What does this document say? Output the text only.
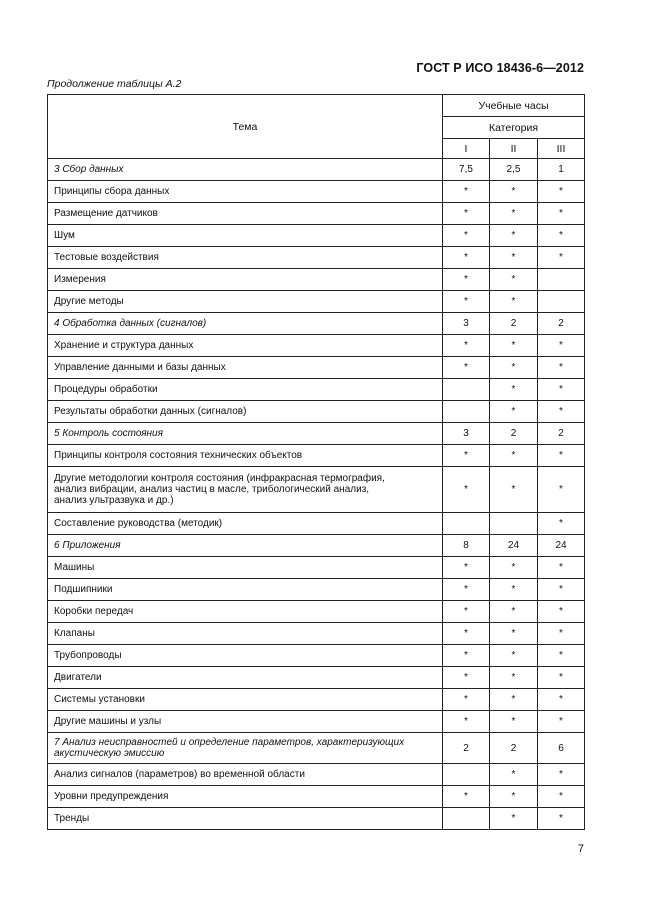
ГОСТ Р ИСО 18436-6—2012
Продолжение таблицы А.2
Тема	Учебные часы		
	Категория		
	I	II	III
3 Сбор данных	7,5	2,5	1
Принципы сбора данных	*	*	*
Размещение датчиков	*	*	*
Шум	*	*	*
Тестовые воздействия	*	*	*
Измерения	*	*	
Другие методы	*	*	
4 Обработка данных (сигналов)	3	2	2
Хранение и структура данных	*	*	*
Управление данными и базы данных	*	*	*
Процедуры обработки		*	*
Результаты обработки данных (сигналов)		*	*
5 Контроль состояния	3	2	2
Принципы контроля состояния технических объектов	*	*	*

Другие методологии контроля состояния (инфракрасная термография,
анализ вибрации, анализ частиц в масле, трибологический анализ,
анализ ультразвука и др.)	*	*	*
Составление руководства (методик)			*
6 Приложения	8	24	24
Машины	*	*	*
Подшипники	*	*	*
Коробки передач	*	*	*
Клапаны	*	*	*
Трубопроводы	*	*	*
Двигатели	*	*	*
Системы установки	*	*	*
Другие машины и узлы	*	*	*

7 Анализ неисправностей и определение параметров, характеризующих
акустическую эмиссию	2	2	6
Анализ сигналов (параметров) во временной области		*	*
Уровни предупреждения	*	*	*
Тренды		*	*
7
